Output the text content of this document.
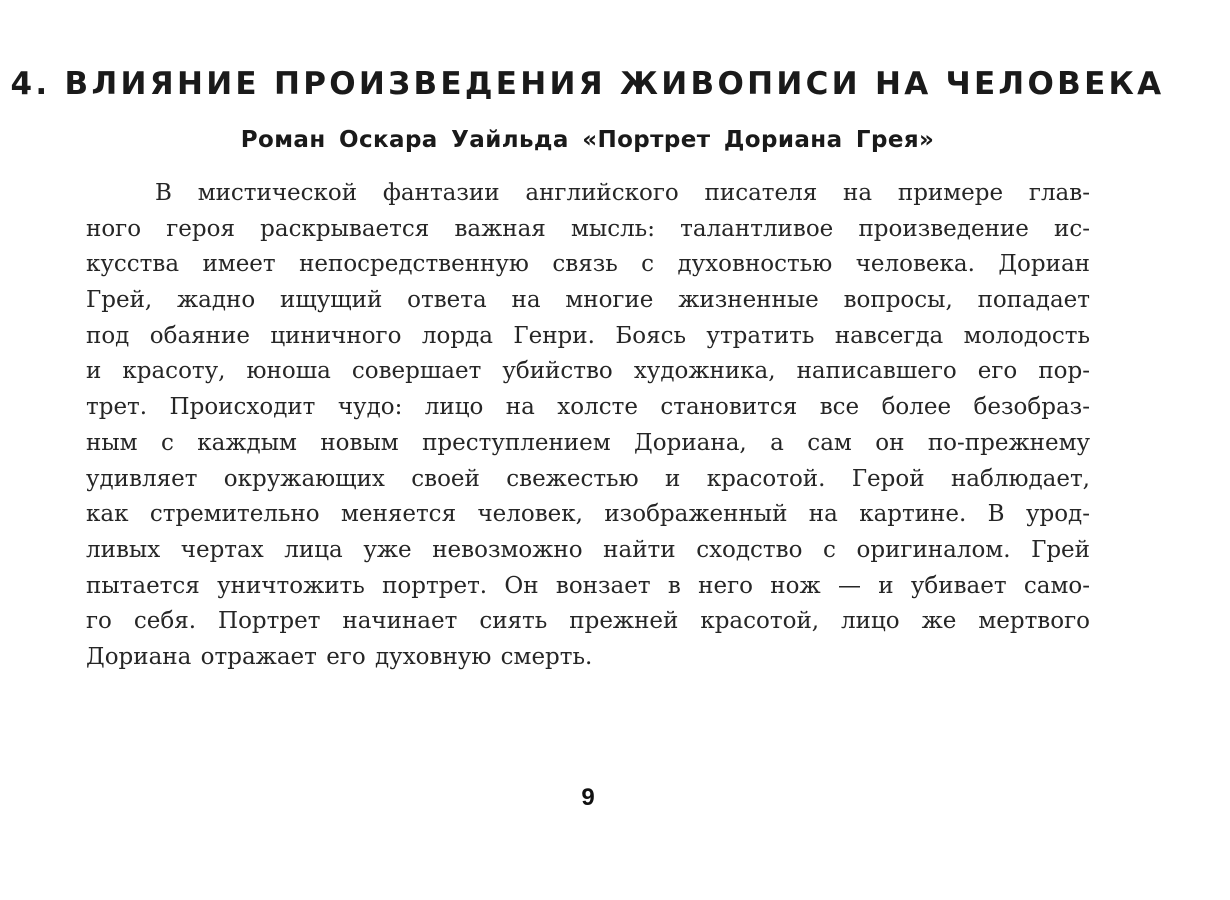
4. ВЛИЯНИЕ ПРОИЗВЕДЕНИЯ ЖИВОПИСИ НА ЧЕЛОВЕКА
Роман Оскара Уайльда «Портрет Дориана Грея»
В мистической фантазии английского писателя на примере глав-
ного героя раскрывается важная мысль: талантливое произведение ис-
кусства имеет непосредственную связь с духовностью человека. Дориан
Грей, жадно ищущий ответа на многие жизненные вопросы, попадает
под обаяние циничного лорда Генри. Боясь утратить навсегда молодость
и красоту, юноша совершает убийство художника, написавшего его пор-
трет. Происходит чудо: лицо на холсте становится все более безобраз-
ным с каждым новым преступлением Дориана, а сам он по-прежнему
удивляет окружающих своей свежестью и красотой. Герой наблюдает,
как стремительно меняется человек, изображенный на картине. В урод-
ливых чертах лица уже невозможно найти сходство с оригиналом. Грей
пытается уничтожить портрет. Он вонзает в него нож — и убивает само-
го себя. Портрет начинает сиять прежней красотой, лицо же мертвого
Дориана отражает его духовную смерть.
9
